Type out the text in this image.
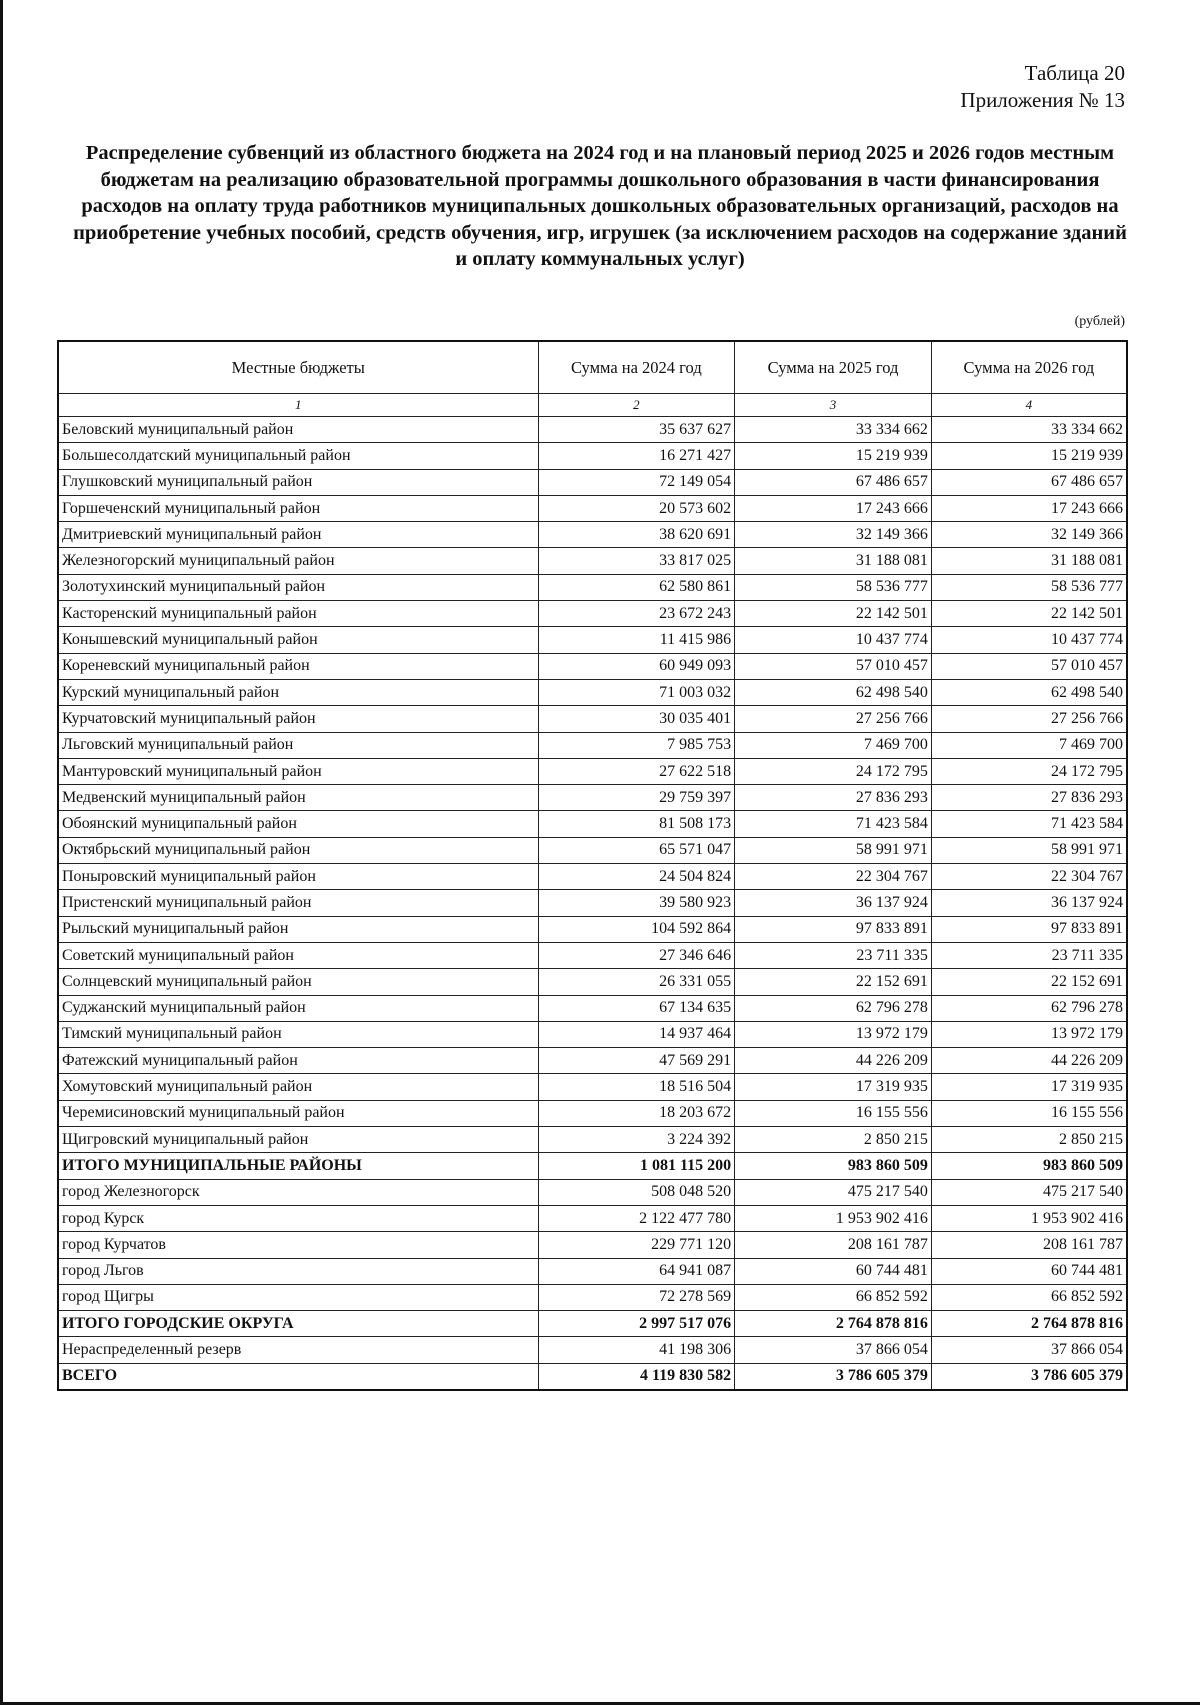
Таблица 20
Приложения № 13
Распределение субвенций из областного бюджета на 2024 год и на плановый период 2025 и 2026 годов местным бюджетам на реализацию образовательной программы дошкольного образования в части финансирования расходов на оплату труда работников муниципальных дошкольных образовательных организаций, расходов на приобретение учебных пособий, средств обучения, игр, игрушек (за исключением расходов на содержание зданий и оплату коммунальных услуг)
(рублей)
Местные бюджеты	Сумма на 2024 год	Сумма на 2025 год	Сумма на 2026 год
1	2	3	4
Беловский муниципальный район	35 637 627	33 334 662	33 334 662
Большесолдатский муниципальный район	16 271 427	15 219 939	15 219 939
Глушковский муниципальный район	72 149 054	67 486 657	67 486 657
Горшеченский муниципальный район	20 573 602	17 243 666	17 243 666
Дмитриевский муниципальный район	38 620 691	32 149 366	32 149 366
Железногорский муниципальный район	33 817 025	31 188 081	31 188 081
Золотухинский муниципальный район	62 580 861	58 536 777	58 536 777
Касторенский муниципальный район	23 672 243	22 142 501	22 142 501
Конышевский муниципальный район	11 415 986	10 437 774	10 437 774
Кореневский муниципальный район	60 949 093	57 010 457	57 010 457
Курский муниципальный район	71 003 032	62 498 540	62 498 540
Курчатовский муниципальный район	30 035 401	27 256 766	27 256 766
Льговский муниципальный район	7 985 753	7 469 700	7 469 700
Мантуровский муниципальный район	27 622 518	24 172 795	24 172 795
Медвенский муниципальный район	29 759 397	27 836 293	27 836 293
Обоянский муниципальный район	81 508 173	71 423 584	71 423 584
Октябрьский муниципальный район	65 571 047	58 991 971	58 991 971
Поныровский муниципальный район	24 504 824	22 304 767	22 304 767
Пристенский муниципальный район	39 580 923	36 137 924	36 137 924
Рыльский муниципальный район	104 592 864	97 833 891	97 833 891
Советский муниципальный район	27 346 646	23 711 335	23 711 335
Солнцевский муниципальный район	26 331 055	22 152 691	22 152 691
Суджанский муниципальный район	67 134 635	62 796 278	62 796 278
Тимский муниципальный район	14 937 464	13 972 179	13 972 179
Фатежский муниципальный район	47 569 291	44 226 209	44 226 209
Хомутовский муниципальный район	18 516 504	17 319 935	17 319 935
Черемисиновский муниципальный район	18 203 672	16 155 556	16 155 556
Щигровский муниципальный район	3 224 392	2 850 215	2 850 215
ИТОГО МУНИЦИПАЛЬНЫЕ РАЙОНЫ	1 081 115 200	983 860 509	983 860 509
город Железногорск	508 048 520	475 217 540	475 217 540
город Курск	2 122 477 780	1 953 902 416	1 953 902 416
город Курчатов	229 771 120	208 161 787	208 161 787
город Льгов	64 941 087	60 744 481	60 744 481
город Щигры	72 278 569	66 852 592	66 852 592
ИТОГО ГОРОДСКИЕ ОКРУГА	2 997 517 076	2 764 878 816	2 764 878 816
Нераспределенный резерв	41 198 306	37 866 054	37 866 054
ВСЕГО	4 119 830 582	3 786 605 379	3 786 605 379
